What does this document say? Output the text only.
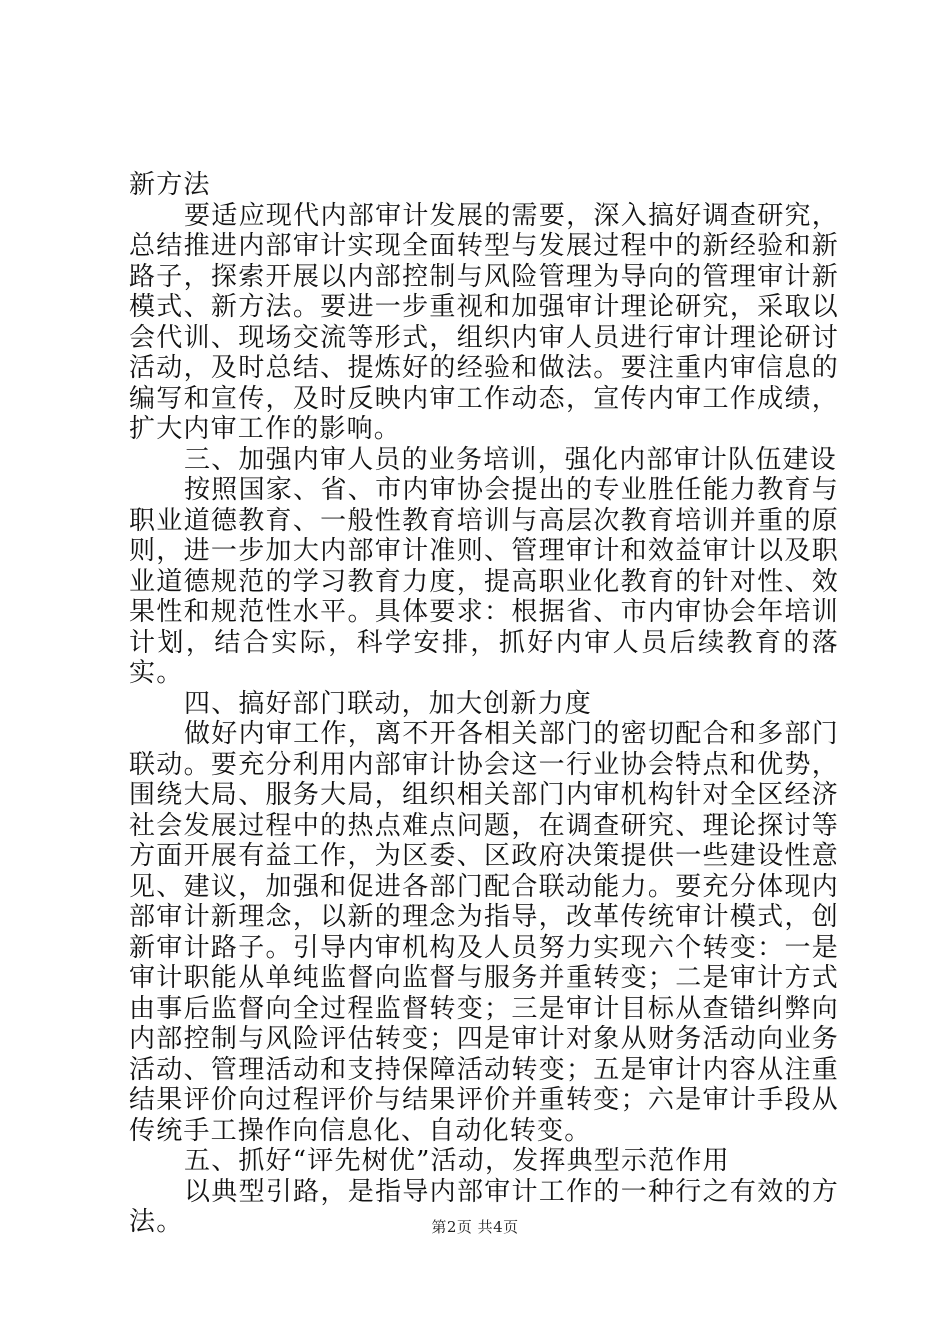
新方法

要适应现代内部审计发展的需要，深入搞好调查研究，总结推进内部审计实现全面转型与发展过程中的新经验和新路子，探索开展以内部控制与风险管理为导向的管理审计新模式、新方法。要进一步重视和加强审计理论研究，采取以会代训、现场交流等形式，组织内审人员进行审计理论研讨活动，及时总结、提炼好的经验和做法。要注重内审信息的编写和宣传，及时反映内审工作动态，宣传内审工作成绩，扩大内审工作的影响。

三、加强内审人员的业务培训，强化内部审计队伍建设

按照国家、省、市内审协会提出的专业胜任能力教育与职业道德教育、一般性教育培训与高层次教育培训并重的原则，进一步加大内部审计准则、管理审计和效益审计以及职业道德规范的学习教育力度，提高职业化教育的针对性、效果性和规范性水平。具体要求：根据省、市内审协会年培训计划，结合实际，科学安排，抓好内审人员后续教育的落实。

四、搞好部门联动，加大创新力度

做好内审工作，离不开各相关部门的密切配合和多部门联动。要充分利用内部审计协会这一行业协会特点和优势，围绕大局、服务大局，组织相关部门内审机构针对全区经济社会发展过程中的热点难点问题，在调查研究、理论探讨等方面开展有益工作，为区委、区政府决策提供一些建设性意见、建议，加强和促进各部门配合联动能力。要充分体现内部审计新理念，以新的理念为指导，改革传统审计模式，创新审计路子。引导内审机构及人员努力实现六个转变：一是审计职能从单纯监督向监督与服务并重转变；二是审计方式由事后监督向全过程监督转变；三是审计目标从查错纠弊向内部控制与风险评估转变；四是审计对象从财务活动向业务活动、管理活动和支持保障活动转变；五是审计内容从注重结果评价向过程评价与结果评价并重转变；六是审计手段从传统手工操作向信息化、自动化转变。

五、抓好“评先树优”活动，发挥典型示范作用

以典型引路，是指导内部审计工作的一种行之有效的方法。	第2页 共4页
